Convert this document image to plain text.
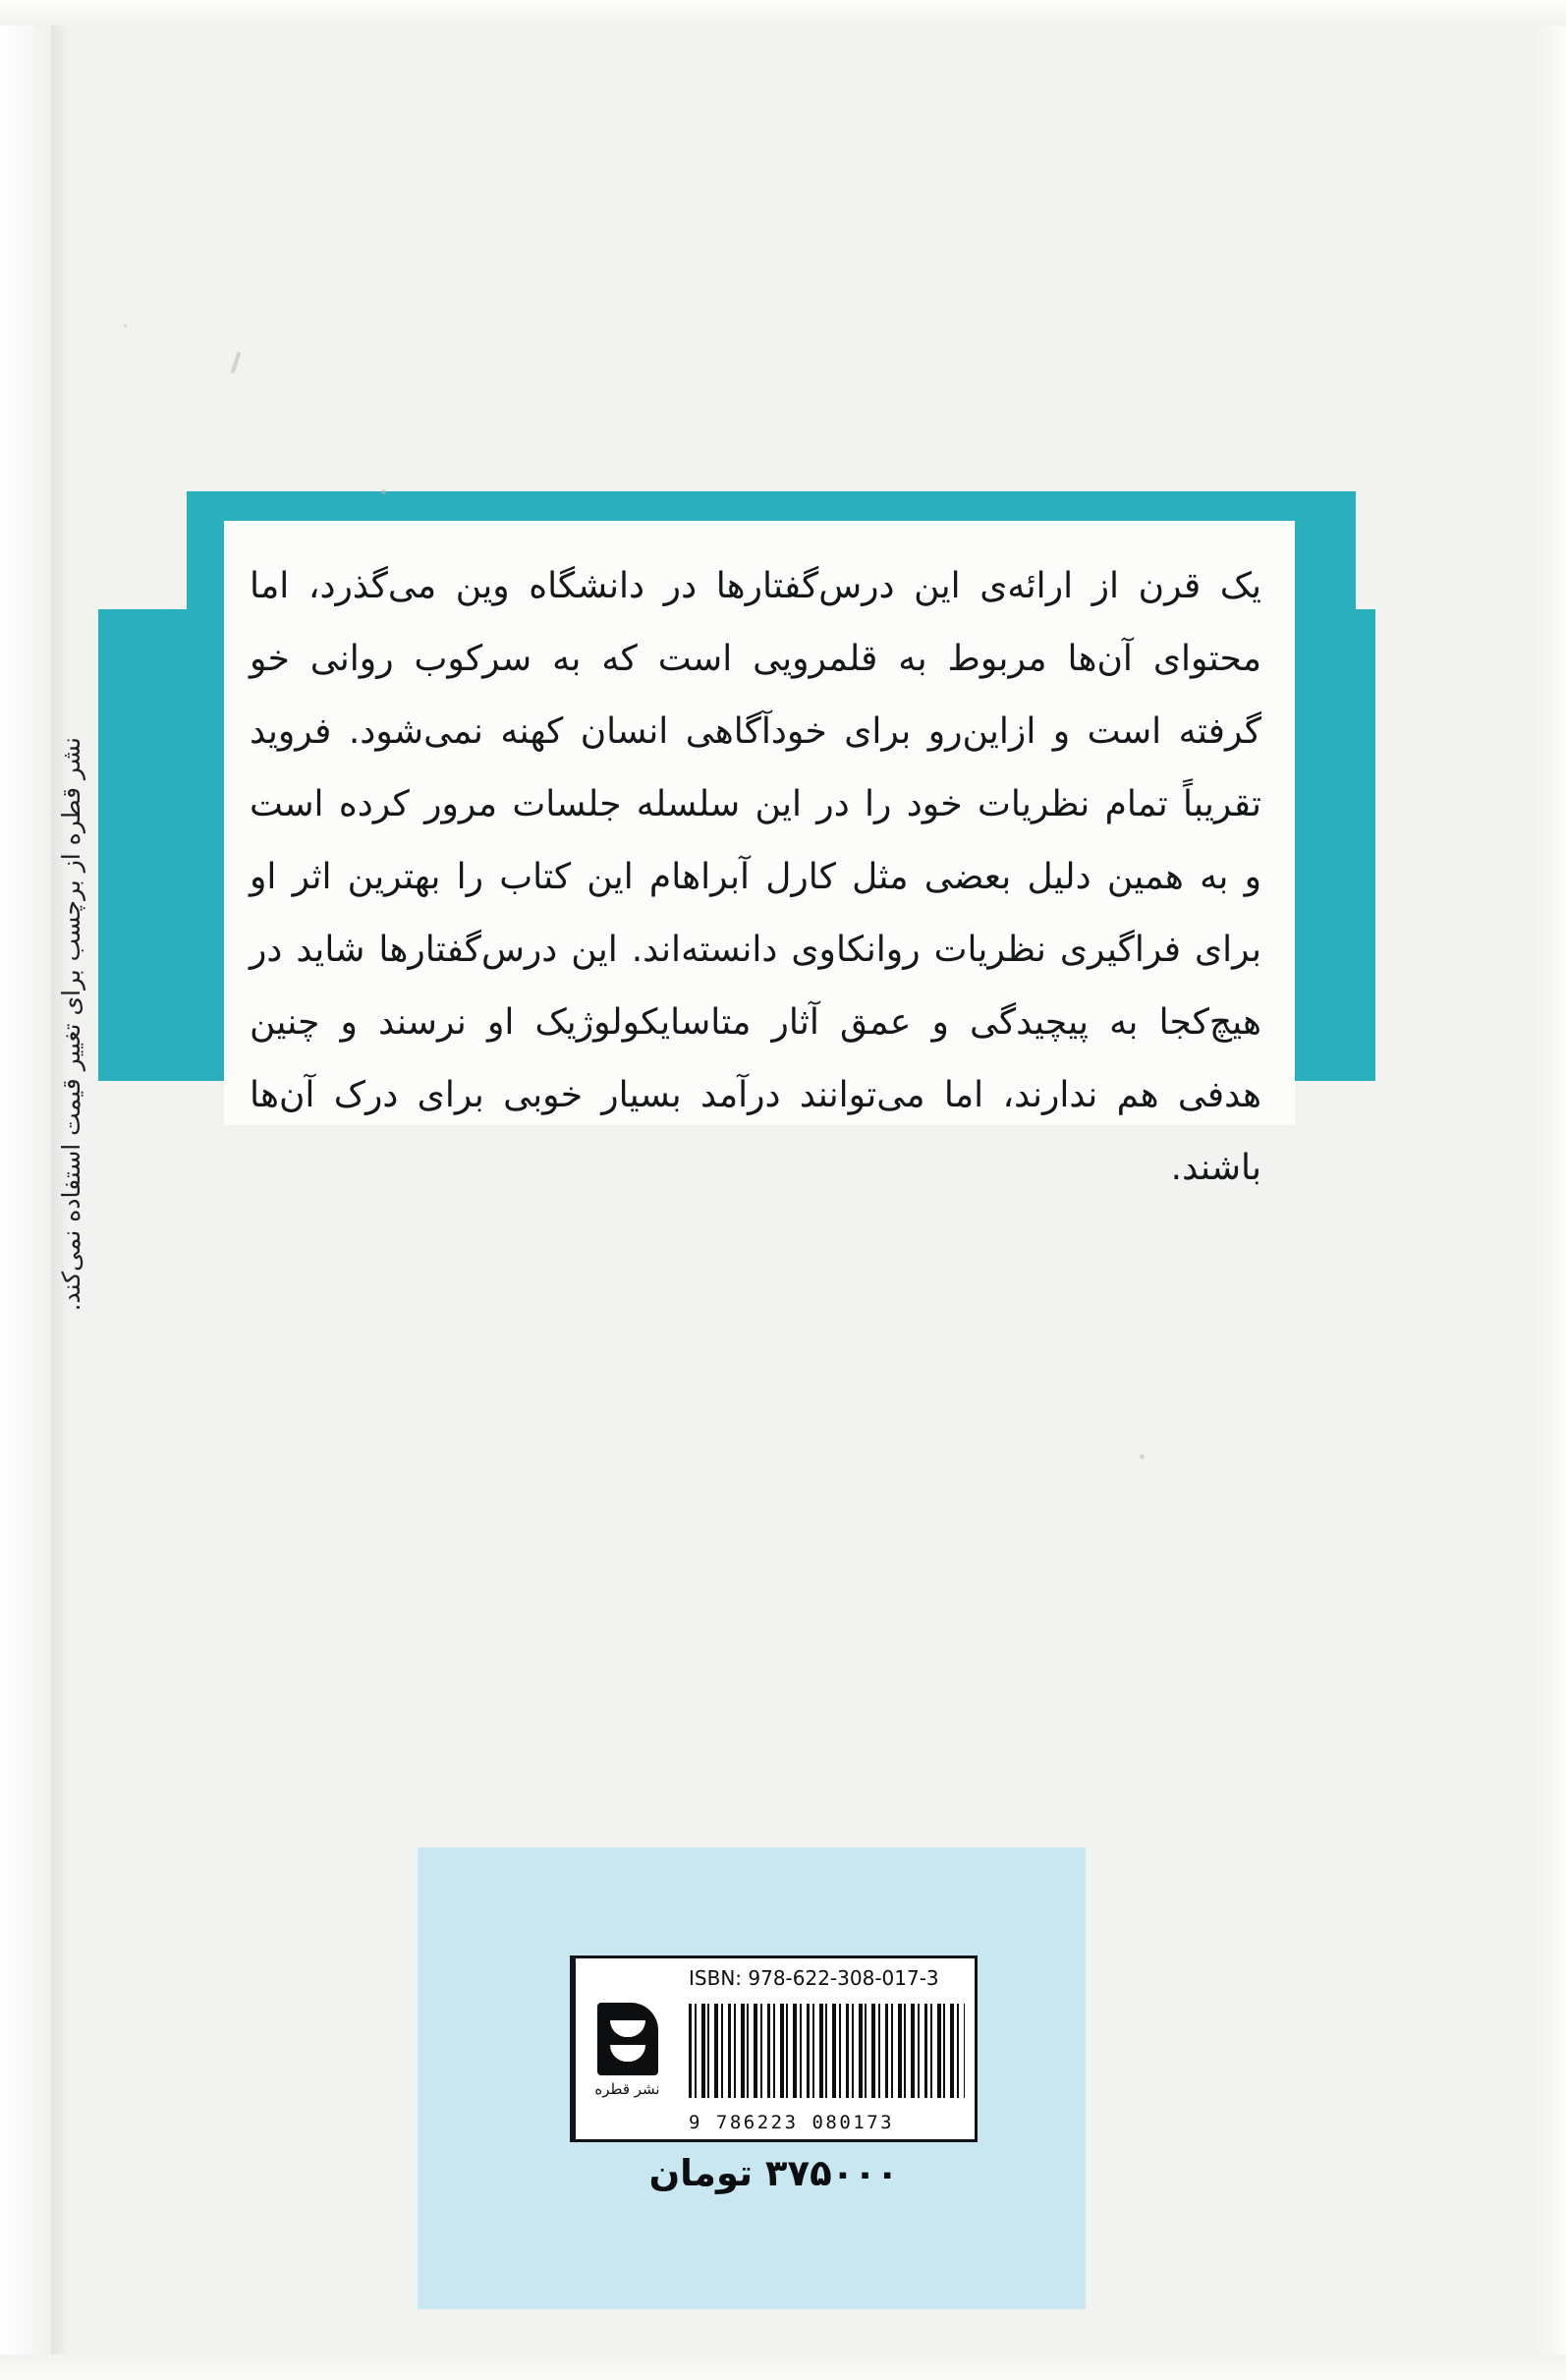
یک قرن از ارائه‌ی این درس‌گفتارها در دانشگاه وین می‌گذرد، اما محتوای آن‌ها مربوط به قلمرویی است که به سرکوب روانی خو گرفته است و ازاین‌رو برای خودآگاهی انسان کهنه نمی‌شود. فروید تقریباً تمام نظریات خود را در این سلسله جلسات مرور کرده است و به همین دلیل بعضی مثل کارل آبراهام این کتاب را بهترین اثر او برای فراگیری نظریات روانکاوی دانسته‌اند. این درس‌گفتارها شاید در هیچ‌کجا به پیچیدگی و عمق آثار متاسایکولوژیک او نرسند و چنین هدفی هم ندارند، اما می‌توانند درآمد بسیار خوبی برای درک آن‌ها باشند.
نشر قطره از برچسب برای تغییر قیمت استفاده نمی‌کند.
ISBN: 978-622-308-017-3
9 786223 080173
نشر قطره
۳۷۵۰۰۰ تومان
